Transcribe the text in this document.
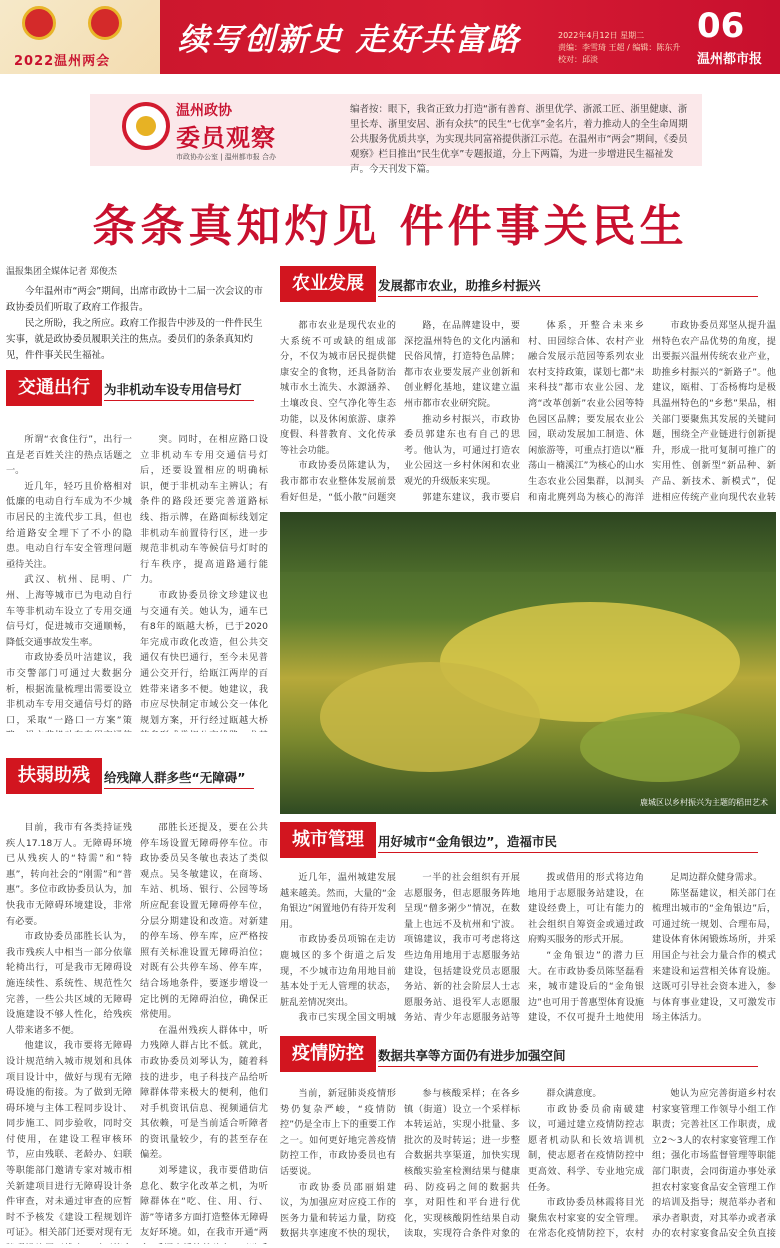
2022温州两会
续写创新史 走好共富路	2022年4月12日 星期二
责编：李雪琦 王超 / 编辑：陈东升
校对：邱淡
06
温州都市报
温州政协
委员观察
市政协办公室 | 温州都市报 合办
编者按：眼下，我省正致力打造“浙有善育、浙里优学、浙派工匠、浙里健康、浙里长寿、浙里安居、浙有众扶”的民生“七优享”金名片，着力推动人的全生命周期公共服务优质共享，为实现共同富裕提供浙江示范。在温州市“两会”期间，《委员观察》栏目推出“民生优享”专题报道，分上下两篇，为进一步增进民生福祉发声。今天刊发下篇。
条条真知灼见 件件事关民生
温报集团全媒体记者 郑俊杰

今年温州市“两会”期间，出席市政协十二届一次会议的市政协委员们听取了政府工作报告。

民之所盼，我之所应。政府工作报告中涉及的一件件民生实事，就是政协委员履职关注的焦点。委员们的条条真知灼见，件件事关民生福祉。

交通出行	为非机动车设专用信号灯

所谓“衣食住行”，出行一直是老百姓关注的热点话题之一。

近几年，轻巧且价格相对低廉的电动自行车成为不少城市居民的主流代步工具，但也给道路安全埋下了不小的隐患。电动自行车安全管理问题亟待关注。

武汉、杭州、昆明、广州、上海等城市已为电动自行车等非机动车设立了专用交通信号灯，促进城市交通顺畅，降低交通事故发生率。

市政协委员叶洁建议，我市交警部门可通过大数据分析，根据流量梳理出需要设立非机动车专用交通信号灯的路口，采取“一路口一方案”策

突。同时，在相应路口设立非机动车专用交通信号灯后，还要设置相应的明确标识，便于非机动车主辨认；有条件的路段还要完善道路标线、指示牌，在路面标线划定非机动车前置待行区，进一步规范非机动车等候信号灯时的行车秩序，提高道路通行能力。

市政协委员徐文珍建议也与交通有关。她认为，通车已有8年的瓯越大桥，已于2020年完成市政化改造，但公共交通仅有快巴通行，至今未见普通公交开行，给瓯江两岸的百姓带来诸多不便。她建议，我市应尽快制定市域公交一体化规划方案，开行经过瓯越大桥

扶弱助残	给残障人群多些“无障碍”

目前，我市有各类持证残疾人17.18万人。无障碍环境已从残疾人的“特需”和“特惠”，转向社会的“刚需”和“普惠”。多位市政协委员认为，加快我市无障碍环境建设，非常有必要。

市政协委员邵胜长认为，我市残疾人中相当一部分依靠轮椅出行，可是我市无障碍设施连续性、系统性、规范性欠完善，一些公共区域的无障碍设施建设不够人性化，给残疾人带来诸多不便。

他建议，我市要将无障碍设计规范纳入城市规划和具体项目设计中，做好与现有无障碍设施的衔接。为了做到无障碍环境与主体工程同步设计、同步施工、同步验收，同时交付使用，在建设工程审核环节，应由残联、老龄办、妇联等职能部门邀请专家对城市相关新建项目进行无障碍设计条件审查，对未通过审查的应暂时不予核发《建设工程规划许可证》。相关部门还要对现有无

邵胜长还提及，要在公共停车场设置无障碍停车位。市政协委员吴冬敏也表达了类似观点。吴冬敏建议，在商场、车站、机场、银行、公园等场所应配套设置无障碍停车位，分层分期建设和改造。对新建的停车场、停车库，应严格按照有关标准设置无障碍泊位；对既有公共停车场、停车库，结合场地条件，要逐步增设一定比例的无障碍泊位，确保正常使用。

在温州残疾人群体中，听力残障人群占比不低。就此，市政协委员刘琴认为，随着科技的进步，电子科技产品给听障群体带来极大的便利，他们对手机资讯信息、视频通信尤其依赖，可是当前适合听障者的资讯量较少，有的甚至存在偏差。

刘琴建议，我市要借助信息化、数字化改革之机，为听障群体在“吃、住、用、行、游”等诸多方面打造整体无障碍友好环境。如，在我市开通“两

农业发展	发展都市农业，助推乡村振兴

都市农业是现代农业的大系统不可或缺的组成部分，不仅为城市居民提供健康安全的食物，还具备防治城市水土流失、水源涵养、土壤改良、空气净化等生态功能，以及休闲旅游、康养度假、科普教育、文化传承等社会功能。

市政协委员陈建认为，我市都市农业整体发展前景看好但是，“低小散”问题突

路，在品牌建设中，要深挖温州特色的文化内涵和民俗风情，打造特色品牌；都市农业要发展产业创新和创业孵化基地，建议建立温州市都市农业研究院。

推动乡村振兴，市政协委员郭建东也有自己的思考。他认为，可通过打造农业公园这一乡村休闲和农业观光的升级版来实现。

郭建东建议，我市要启

体系，开整合未来乡村、田园综合体、农村产业融合发展示范园等系列农业农村支持政策，谋划七都“未来科技”都市农业公园、龙湾“改革创新”农业公园等特色园区品牌；要发展农业公园，联动发展加工制造、休闲旅游等，可重点打造以“雁荡山－楠溪江”为核心的山水生态农业公园集群，以洞头和南北麂列岛为核心的海洋

市政协委员郑坚从提升温州特色农产品优势的角度，提出要振兴温州传统农业产业，助推乡村振兴的“新路子”。他建议，瓯柑、丁岙杨梅均是极具温州特色的“乡愁”果品，相关部门要聚焦其发展的关键问题，围绕全产业链进行创新提升，形成一批可复制可推广的实用性、创新型“新品种、新产品、新技术、新模式”，促进相应传统产业向现代农业转

鹿城区以乡村振兴为主题的稻田艺术
城市管理	用好城市“金角银边”，造福市民

近几年，温州城建发展越来越美。然而，大量的“金角银边”闲置地仍有待开发利用。

市政协委员项锦在走访鹿城区的多个街道之后发现，不少城市边角用地目前基本处于无人管理的状态，脏乱差情况突出。

我市已实现全国文明城

一半的社会组织有开展志愿服务，但志愿服务阵地呈现“僧多粥少”情况，在数量上也远不及杭州和宁波。项锦建议，我市可考虑将这些边角用地用于志愿服务站建设，包括建设党员志愿服务站、新的社会阶层人士志愿服务站、退役军人志愿服务站、青少年志愿服务站等

拨或借用的形式将边角地用于志愿服务站建设，在建设经费上，可让有能力的社会组织自筹资金或通过政府购买服务的形式开展。

“金角银边”的潜力巨大。在市政协委员陈坚磊看来，城市建设后的“金角银边”也可用于普惠型体育设施建设，不仅可提升土地使用

足周边群众健身需求。

陈坚磊建议，相关部门在梳理出城市的“金角银边”后，可通过统一规划、合理布局，建设体育休闲锻炼场所，并采用国企与社会力量合作的模式来建设和运营相关体育设施。这既可引导社会资本进入，参与体育事业建设，又可激发市场主体活力。

疫情防控	数据共享等方面仍有进步加强空间

当前，新冠肺炎疫情形势仍复杂严峻，“疫情防控”仍是全市上下的重要工作之一。如何更好地完善疫情防控工作，市政协委员也有话要说。

市政协委员邵丽娟建议，为加强应对应疫工作的医务力量和转运力量，防疫数据共享速度不快的现状，

参与核酸采样；在各乡镇（街道）设立一个采样标本转运站，实现小批量、多批次的及时转运；进一步整合数据共享渠道，加快实现核酸实验室检测结果与健康码、防疫码之间的数据共享，对阳性和平台进行优化，实现核酸阴性结果自动读取，实现符合条件对象的

群众满意度。

市政协委员俞南破建议，可通过建立疫情防控志愿者机动队和长效培训机制，使志愿者在疫情防控中更高效、科学、专业地完成任务。

市政协委员林霞将目光聚焦农村家宴的安全管理。在常态化疫情防控下，农村

她认为应完善街道乡村农村家宴管理工作领导小组工作职责；完善社区工作职责，成立2～3人的农村家宴管理工作组；强化市场监督管理等职能部门职责，会同街道办事处承担农村家宴食品安全管理工作的培训及指导；规范举办者和承办者职责，对其举办或者承办的农村家宴食品安全负直接
